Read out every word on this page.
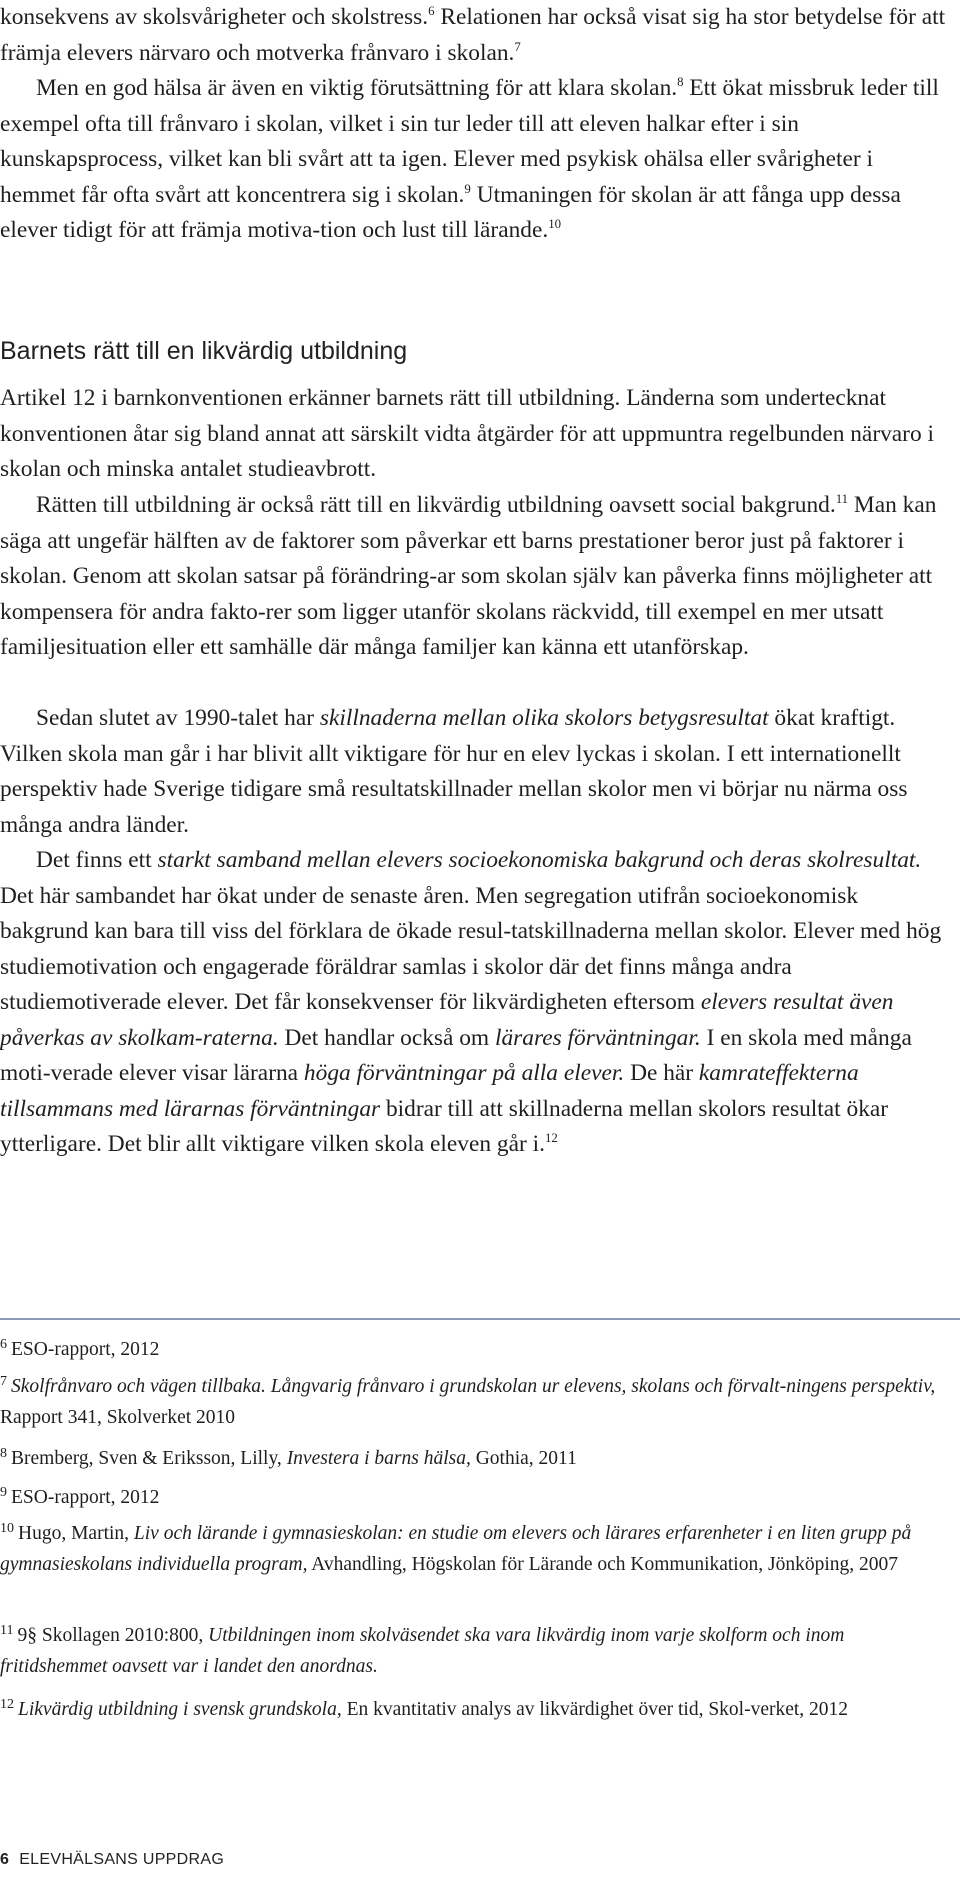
konsekvens av skolsvårigheter och skolstress.$^6$ Relationen har också visat sig ha stor betydelse för att främja elevers närvaro och motverka frånvaro i skolan.$^7$

Men en god hälsa är även en viktig förutsättning för att klara skolan.$^8$ Ett ökat missbruk leder till exempel ofta till frånvaro i skolan, vilket i sin tur leder till att eleven halkar efter i sin kunskapsprocess, vilket kan bli svårt att ta igen. Elever med psykisk ohälsa eller svårigheter i hemmet får ofta svårt att koncentrera sig i skolan.$^9$ Utmaningen för skolan är att fånga upp dessa elever tidigt för att främja motiva-tion och lust till lärande.$^{10}$

Barnets rätt till en likvärdig utbildning

Artikel 12 i barnkonventionen erkänner barnets rätt till utbildning. Länderna som undertecknat konventionen åtar sig bland annat att särskilt vidta åtgärder för att uppmuntra regelbunden närvaro i skolan och minska antalet studieavbrott.

Rätten till utbildning är också rätt till en likvärdig utbildning oavsett social bakgrund.$^{11}$ Man kan säga att ungefär hälften av de faktorer som påverkar ett barns prestationer beror just på faktorer i skolan. Genom att skolan satsar på förändring-ar som skolan själv kan påverka finns möjligheter att kompensera för andra fakto-rer som ligger utanför skolans räckvidd, till exempel en mer utsatt familjesituation eller ett samhälle där många familjer kan känna ett utanförskap.

Sedan slutet av 1990-talet har skillnaderna mellan olika skolors betygsresultat ökat kraftigt. Vilken skola man går i har blivit allt viktigare för hur en elev lyckas i skolan. I ett internationellt perspektiv hade Sverige tidigare små resultatskillnader mellan skolor men vi börjar nu närma oss många andra länder.

Det finns ett starkt samband mellan elevers socioekonomiska bakgrund och deras skolresultat. Det här sambandet har ökat under de senaste åren. Men segregation utifrån socioekonomisk bakgrund kan bara till viss del förklara de ökade resul-tatskillnaderna mellan skolor. Elever med hög studiemotivation och engagerade föräldrar samlas i skolor där det finns många andra studiemotiverade elever. Det får konsekvenser för likvärdigheten eftersom elevers resultat även påverkas av skolkam-raterna. Det handlar också om lärares förväntningar. I en skola med många moti-verade elever visar lärarna höga förväntningar på alla elever. De här kamrateffekterna tillsammans med lärarnas förväntningar bidrar till att skillnaderna mellan skolors resultat ökar ytterligare. Det blir allt viktigare vilken skola eleven går i.$^{12}$

$^6$ ESO-rapport, 2012

$^7$ Skolfrånvaro och vägen tillbaka. Långvarig frånvaro i grundskolan ur elevens, skolans och förvalt-ningens perspektiv, Rapport 341, Skolverket 2010

$^8$ Bremberg, Sven & Eriksson, Lilly, Investera i barns hälsa, Gothia, 2011

$^9$ ESO-rapport, 2012

$^{10}$ Hugo, Martin, Liv och lärande i gymnasieskolan: en studie om elevers och lärares erfarenheter i en liten grupp på gymnasieskolans individuella program, Avhandling, Högskolan för Lärande och Kommunikation, Jönköping, 2007

$^{11}$ 9§ Skollagen 2010:800, Utbildningen inom skolväsendet ska vara likvärdig inom varje skolform och inom fritidshemmet oavsett var i landet den anordnas.

$^{12}$ Likvärdig utbildning i svensk grundskola, En kvantitativ analys av likvärdighet över tid, Skol-verket, 2012

6 ELEVHÄLSANS UPPDRAG
